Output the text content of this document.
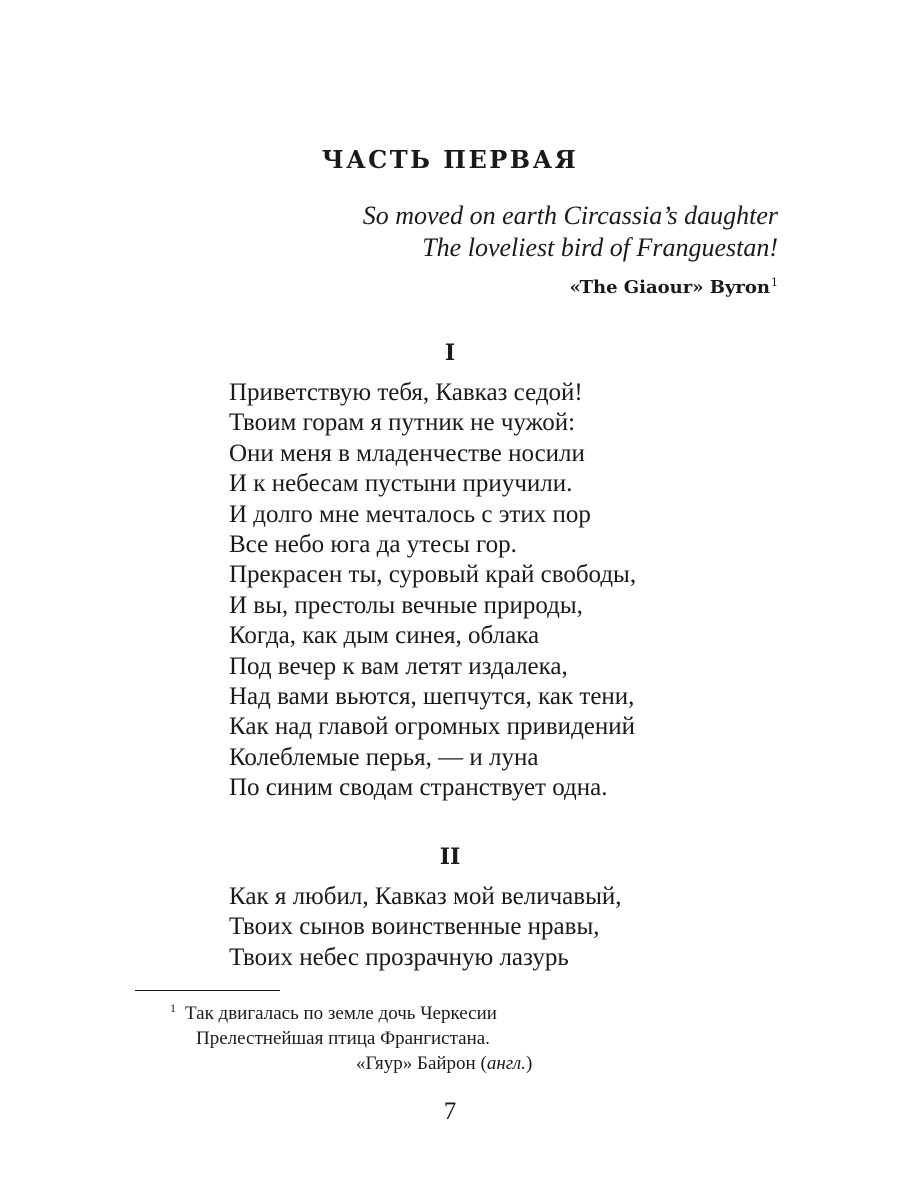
ЧАСТЬ ПЕРВАЯ
So moved on earth Circassia’s daughter
The loveliest bird of Franguestan!
«The Giaour» Byron$^1$
I
Приветствую тебя, Кавказ седой!
Твоим горам я путник не чужой:
Они меня в младенчестве носили
И к небесам пустыни приучили.
И долго мне мечталось с этих пор
Все небо юга да утесы гор.
Прекрасен ты, суровый край свободы,
И вы, престолы вечные природы,
Когда, как дым синея, облака
Под вечер к вам летят издалека,
Над вами вьются, шепчутся, как тени,
Как над главой огромных привидений
Колеблемые перья, — и луна
По синим сводам странствует одна.
II
Как я любил, Кавказ мой величавый,
Твоих сынов воинственные нравы,
Твоих небес прозрачную лазурь
$^1$ Так двигалась по земле дочь Черкесии
Прелестнейшая птица Франгистана.
«Гяур» Байрон (англ.)
7
